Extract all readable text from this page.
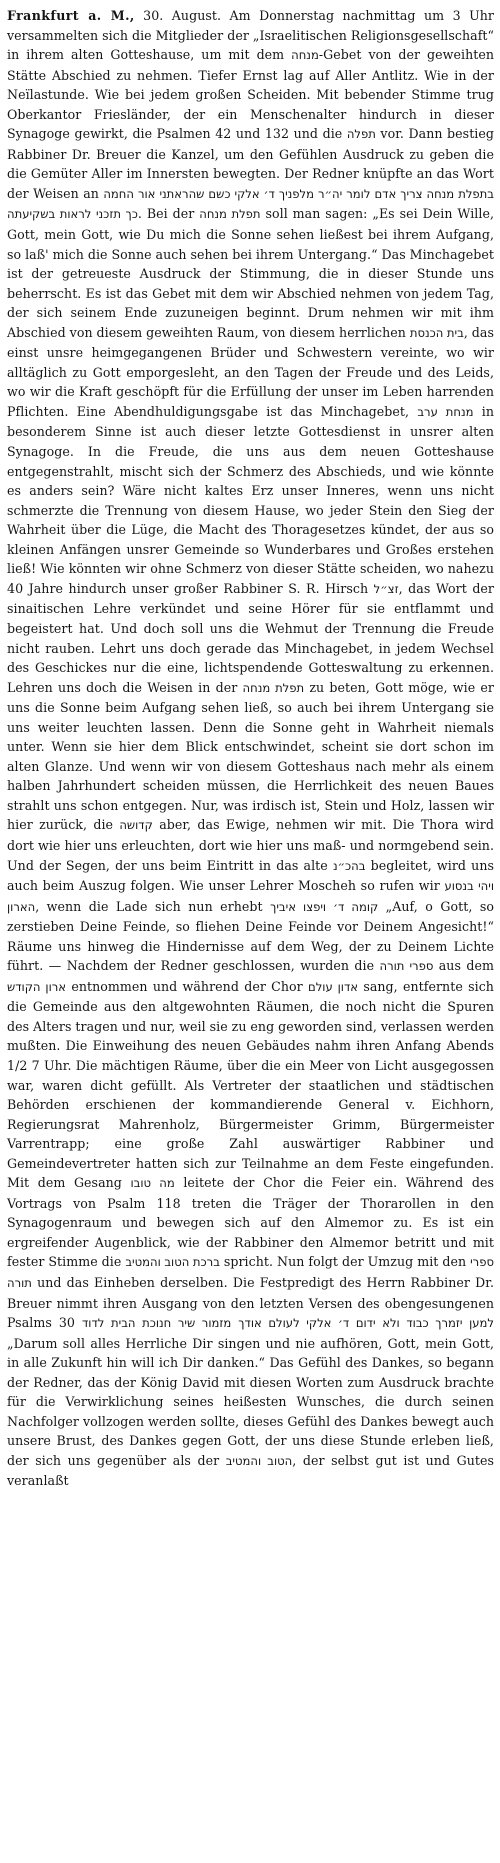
Frankfurt a. M., 30. August. Am Donnerstag nachmittag um 3 Uhr versammelten sich die Mitglieder der „Israelitischen Religionsgesellschaft“ in ihrem alten Gotteshause, um mit dem מנחה-Gebet von der geweihten Stätte Abschied zu nehmen. Tiefer Ernst lag auf Aller Antlitz. Wie in der Neïlastunde. Wie bei jedem großen Scheiden. Mit bebender Stimme trug Oberkantor Friesländer, der ein Menschenalter hindurch in dieser Synagoge gewirkt, die Psalmen 42 und 132 und die תפלה vor. Dann bestieg Rabbiner Dr. Breuer die Kanzel, um den Gefühlen Ausdruck zu geben die die Gemüter Aller im Innersten bewegten. Der Redner knüpfte an das Wort der Weisen an בתפלת מנחה צריך אדם לומר יה״ר מלפניך ד׳ אלקי כשם שהראתני אור החמה כך תזכני לראות בשקיעתה. Bei der תפלת מנחה soll man sagen: „Es sei Dein Wille, Gott, mein Gott, wie Du mich die Sonne sehen ließest bei ihrem Aufgang, so laß' mich die Sonne auch sehen bei ihrem Untergang.“ Das Minchagebet ist der getreueste Ausdruck der Stimmung, die in dieser Stunde uns beherrscht. Es ist das Gebet mit dem wir Abschied nehmen von jedem Tag, der sich seinem Ende zuzuneigen beginnt. Drum nehmen wir mit ihm Abschied von diesem geweihten Raum, von diesem herrlichen בית הכנסת, das einst unsre heimgegangenen Brüder und Schwestern vereinte, wo wir alltäglich zu Gott emporgesleht, an den Tagen der Freude und des Leids, wo wir die Kraft geschöpft für die Erfüllung der unser im Leben harrenden Pflichten. Eine Abendhuldigungsgabe ist das Minchagebet, מנחת ערב in besonderem Sinne ist auch dieser letzte Gottesdienst in unsrer alten Synagoge. In die Freude, die uns aus dem neuen Gotteshause entgegenstrahlt, mischt sich der Schmerz des Abschieds, und wie könnte es anders sein? Wäre nicht kaltes Erz unser Inneres, wenn uns nicht schmerzte die Trennung von diesem Hause, wo jeder Stein den Sieg der Wahrheit über die Lüge, die Macht des Thoragesetzes kündet, der aus so kleinen Anfängen unsrer Gemeinde so Wunderbares und Großes erstehen ließ! Wie könnten wir ohne Schmerz von dieser Stätte scheiden, wo nahezu 40 Jahre hindurch unser großer Rabbiner S. R. Hirsch זצ״ל, das Wort der sinaitischen Lehre verkündet und seine Hörer für sie entflammt und begeistert hat. Und doch soll uns die Wehmut der Trennung die Freude nicht rauben. Lehrt uns doch gerade das Minchagebet, in jedem Wechsel des Geschickes nur die eine, lichtspendende Gotteswaltung zu erkennen. Lehren uns doch die Weisen in der תפלת מנחה zu beten, Gott möge, wie er uns die Sonne beim Aufgang sehen ließ, so auch bei ihrem Untergang sie uns weiter leuchten lassen. Denn die Sonne geht in Wahrheit niemals unter. Wenn sie hier dem Blick entschwindet, scheint sie dort schon im alten Glanze. Und wenn wir von diesem Gotteshaus nach mehr als einem halben Jahrhundert scheiden müssen, die Herrlichkeit des neuen Baues strahlt uns schon entgegen. Nur, was irdisch ist, Stein und Holz, lassen wir hier zurück, die קדושה aber, das Ewige, nehmen wir mit. Die Thora wird dort wie hier uns erleuchten, dort wie hier uns maß- und normgebend sein. Und der Segen, der uns beim Eintritt in das alte בהכ״נ begleitet, wird uns auch beim Auszug folgen. Wie unser Lehrer Moscheh so rufen wir ויהי בנסוע הארון, wenn die Lade sich nun erhebt קומה ד׳ ויפצו איביך „Auf, o Gott, so zerstieben Deine Feinde, so fliehen Deine Feinde vor Deinem Angesicht!“ Räume uns hinweg die Hindernisse auf dem Weg, der zu Deinem Lichte führt. — Nachdem der Redner geschlossen, wurden die ספרי תורה aus dem ארון הקודש entnommen und während der Chor אדון עולם sang, entfernte sich die Gemeinde aus den altgewohnten Räumen, die noch nicht die Spuren des Alters tragen und nur, weil sie zu eng geworden sind, verlassen werden mußten. Die Einweihung des neuen Gebäudes nahm ihren Anfang Abends 1/2 7 Uhr. Die mächtigen Räume, über die ein Meer von Licht ausgegossen war, waren dicht gefüllt. Als Vertreter der staatlichen und städtischen Behörden erschienen der kommandierende General v. Eichhorn, Regierungsrat Mahrenholz, Bürgermeister Grimm, Bürgermeister Varrentrapp; eine große Zahl auswärtiger Rabbiner und Gemeindevertreter hatten sich zur Teilnahme an dem Feste eingefunden. Mit dem Gesang מה טובו leitete der Chor die Feier ein. Während des Vortrags von Psalm 118 treten die Träger der Thorarollen in den Synagogenraum und bewegen sich auf den Almemor zu. Es ist ein ergreifender Augenblick, wie der Rabbiner den Almemor betritt und mit fester Stimme die ברכת הטוב והמטיב spricht. Nun folgt der Umzug mit den ספרי תורה und das Einheben derselben. Die Festpredigt des Herrn Rabbiner Dr. Breuer nimmt ihren Ausgang von den letzten Versen des obengesungenen Psalms 30 מזמור שיר חנוכת הבית לדוד למען יזמרך כבוד ולא ידום ד׳ אלקי לעולם אודך „Darum soll alles Herrliche Dir singen und nie aufhören, Gott, mein Gott, in alle Zukunft hin will ich Dir danken.“ Das Gefühl des Dankes, so begann der Redner, das der König David mit diesen Worten zum Ausdruck brachte für die Verwirklichung seines heißesten Wunsches, die durch seinen Nachfolger vollzogen werden sollte, dieses Gefühl des Dankes bewegt auch unsere Brust, des Dankes gegen Gott, der uns diese Stunde erleben ließ, der sich uns gegenüber als der הטוב והמטיב, der selbst gut ist und Gutes veranlaßt
